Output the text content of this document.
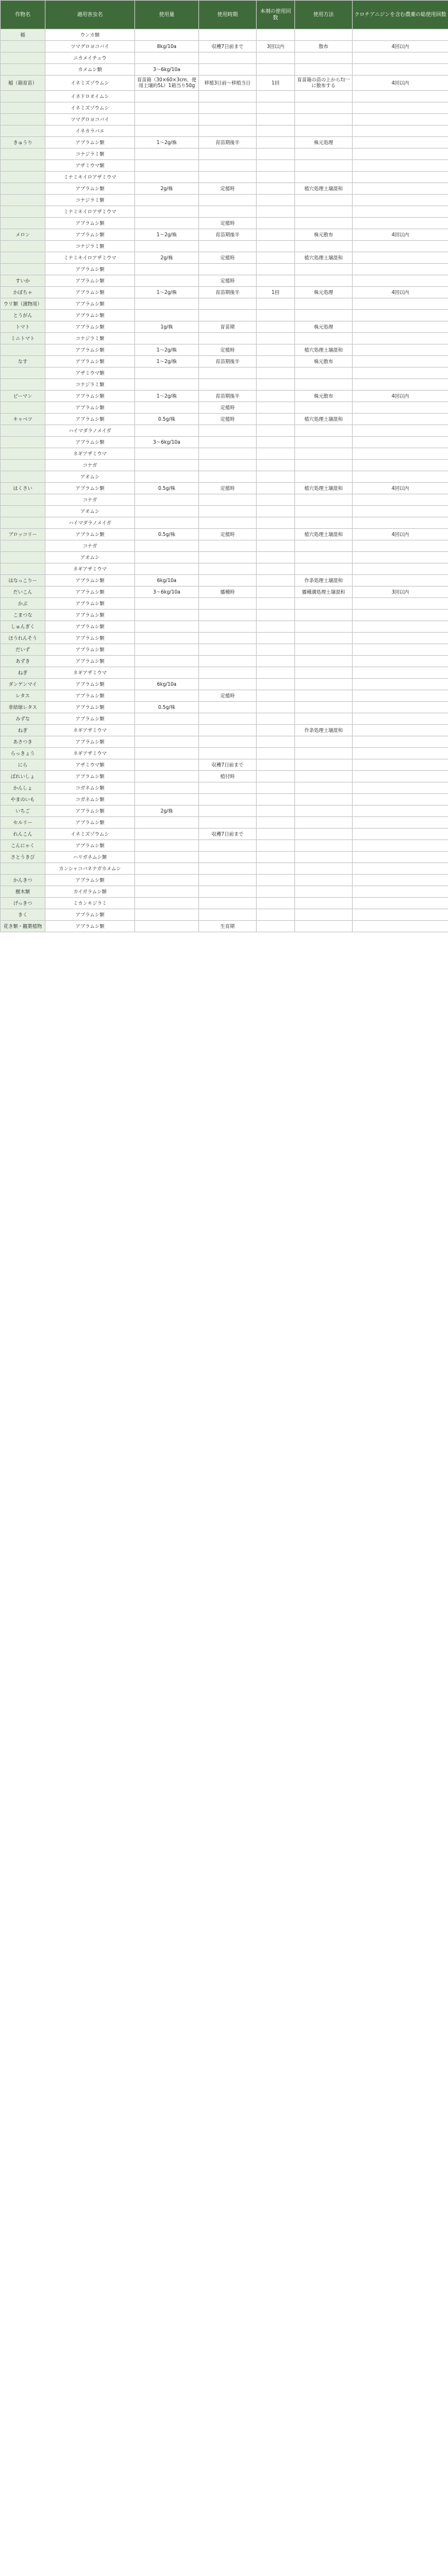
作物名	適用害虫名	使用量	使用時期	本剤の使用回数	使用方法	クロチアニジンを含む農薬の総使用回数
稲	ウンカ類					
	ツマグロヨコバイ	8kg/10a	収穫7日前まで	3回以内	散布	4回以内
	ニカメイチュウ					
	カメムシ類	3〜6kg/10a				
稲（箱育苗）	イネミズゾウムシ	育苗箱（30×60×3cm、使用土壌約5L）1箱当り50g	移植3日前〜移植当日	1回	育苗箱の苗の上から均一に散布する	4回以内
	イネドロオイムシ					
	イネミズゾウムシ					
	ツマグロヨコバイ					
	イネカラバエ					
きゅうり	アブラムシ類	1〜2g/株	育苗期後半		株元処理	
	コナジラミ類					
	アザミウマ類					
	ミナミキイロアザミウマ					
	アブラムシ類	2g/株	定植時		植穴処理土壌混和	
	コナジラミ類					
	ミナミキイロアザミウマ					
	アブラムシ類		定植時			
メロン	アブラムシ類	1〜2g/株	育苗期後半		株元散布	4回以内
	コナジラミ類					
	ミナミキイロアザミウマ	2g/株	定植時		植穴処理土壌混和	
	アブラムシ類					
すいか	アブラムシ類		定植時			
かぼちゃ	アブラムシ類	1〜2g/株	育苗期後半	1回	株元処理	4回以内
ウリ類（漬物用）	アブラムシ類					
とうがん	アブラムシ類					
トマト	アブラムシ類	1g/株	育苗期		株元処理	
ミニトマト	コナジラミ類					
	アブラムシ類	1〜2g/株	定植時		植穴処理土壌混和	
なす	アブラムシ類	1〜2g/株	育苗期後半		株元散布	
	アザミウマ類					
	コナジラミ類					
ピーマン	アブラムシ類	1〜2g/株	育苗期後半		株元散布	4回以内
	アブラムシ類		定植時			
キャベツ	アブラムシ類	0.5g/株	定植時		植穴処理土壌混和	
	ハイマダラノメイガ					
	アブラムシ類	3〜6kg/10a				
	ネギアザミウマ					
	コナガ					
	アオムシ					
はくさい	アブラムシ類	0.5g/株	定植時		植穴処理土壌混和	4回以内
	コナガ					
	アオムシ					
	ハイマダラノメイガ					
ブロッコリー	アブラムシ類	0.5g/株	定植時		植穴処理土壌混和	4回以内
	コナガ					
	アオムシ					
	ネギアザミウマ					
はなっこりー	アブラムシ類	6kg/10a			作条処理土壌混和	
だいこん	アブラムシ類	3〜6kg/10a	播種時		播種溝処理土壌混和	3回以内
かぶ	アブラムシ類					
こまつな	アブラムシ類					
しゅんぎく	アブラムシ類					
ほうれんそう	アブラムシ類					
だいず	アブラムシ類					
あずき	アブラムシ類					
ねぎ	ネギアザミウマ					
ダンゲンマイ	アブラムシ類	6kg/10a				
レタス	アブラムシ類		定植時			
非結球レタス	アブラムシ類	0.5g/株				
みずな	アブラムシ類					
ねぎ	ネギアザミウマ				作条処理土壌混和	
あさつき	アブラムシ類					
らっきょう	ネギアザミウマ					
にら	アザミウマ類		収穫7日前まで			
ばれいしょ	アブラムシ類		植付時			
かんしょ	コガネムシ類					
やまのいも	コガネムシ類					
いちご	アブラムシ類	2g/株				
セルリー	アブラムシ類					
れんこん	イネミズゾウムシ		収穫7日前まで			
こんにゃく	アブラムシ類					
さとうきび	ハリガネムシ類					
	カンシャコバネナガカメムシ					
かんきつ	アブラムシ類					
樹木類	カイガラムシ類					
げっきつ	ミカンキジラミ					
きく	アブラムシ類					
花き類・観葉植物	アブラムシ類		生育期			
